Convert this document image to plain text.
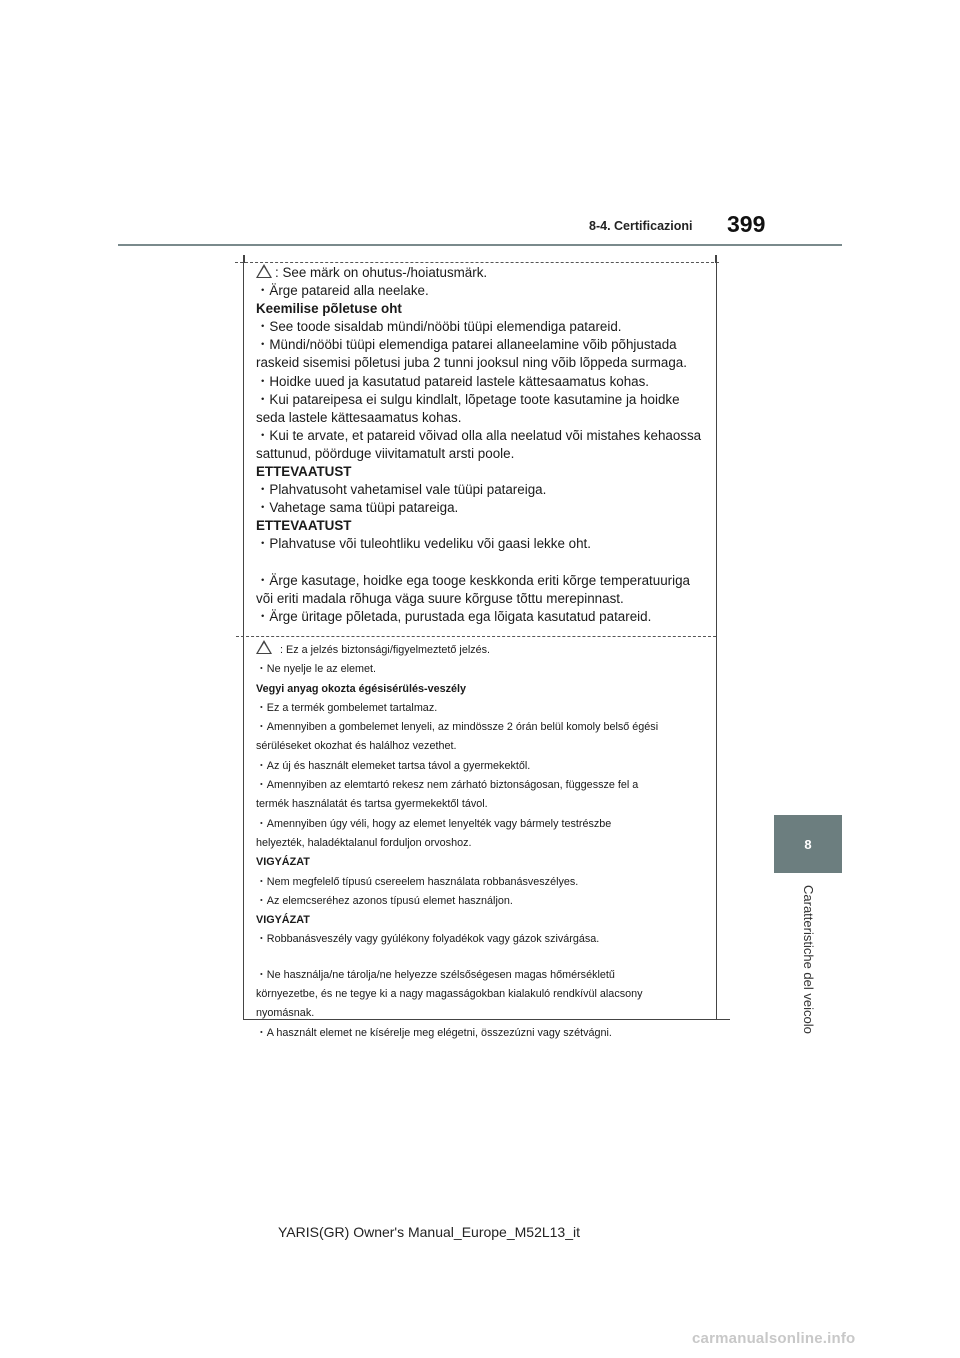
8-4. Certificazioni 399
8
Caratteristiche del veicolo
: See märk on ohutus-/hoiatusmärk.
・Ärge patareid alla neelake.
Keemilise põletuse oht
・See toode sisaldab mündi/nööbi tüüpi elemendiga patareid.
・Mündi/nööbi tüüpi elemendiga patarei allaneelamine võib põhjustada
raskeid sisemisi põletusi juba 2 tunni jooksul ning võib lõppeda surmaga.
・Hoidke uued ja kasutatud patareid lastele kättesaamatus kohas.
・Kui patareipesa ei sulgu kindlalt, lõpetage toote kasutamine ja hoidke
seda lastele kättesaamatus kohas.
・Kui te arvate, et patareid võivad olla alla neelatud või mistahes kehaossa
sattunud, pöörduge viivitamatult arsti poole.
ETTEVAATUST
・Plahvatusoht vahetamisel vale tüüpi patareiga.
・Vahetage sama tüüpi patareiga.
ETTEVAATUST
・Plahvatuse või tuleohtliku vedeliku või gaasi lekke oht.
・Ärge kasutage, hoidke ega tooge keskkonda eriti kõrge temperatuuriga
või eriti madala rõhuga väga suure kõrguse tõttu merepinnast.
・Ärge üritage põletada, purustada ega lõigata kasutatud patareid.
: Ez a jelzés biztonsági/figyelmeztető jelzés.
・Ne nyelje le az elemet.
Vegyi anyag okozta égésisérülés-veszély
・Ez a termék gombelemet tartalmaz.
・Amennyiben a gombelemet lenyeli, az mindössze 2 órán belül komoly belső égési
sérüléseket okozhat és halálhoz vezethet.
・Az új és használt elemeket tartsa távol a gyermekektől.
・Amennyiben az elemtartó rekesz nem zárható biztonságosan, függessze fel a
termék használatát és tartsa gyermekektől távol.
・Amennyiben úgy véli, hogy az elemet lenyelték vagy bármely testrészbe
helyezték, haladéktalanul forduljon orvoshoz.
VIGYÁZAT
・Nem megfelelő típusú csereelem használata robbanásveszélyes.
・Az elemcseréhez azonos típusú elemet használjon.
VIGYÁZAT
・Robbanásveszély vagy gyúlékony folyadékok vagy gázok szivárgása.
・Ne használja/ne tárolja/ne helyezze szélsőségesen magas hőmérsékletű
környezetbe, és ne tegye ki a nagy magasságokban kialakuló rendkívül alacsony
nyomásnak.
・A használt elemet ne kísérelje meg elégetni, összezúzni vagy szétvágni.
YARIS(GR) Owner's Manual_Europe_M52L13_it
carmanualsonline.info
